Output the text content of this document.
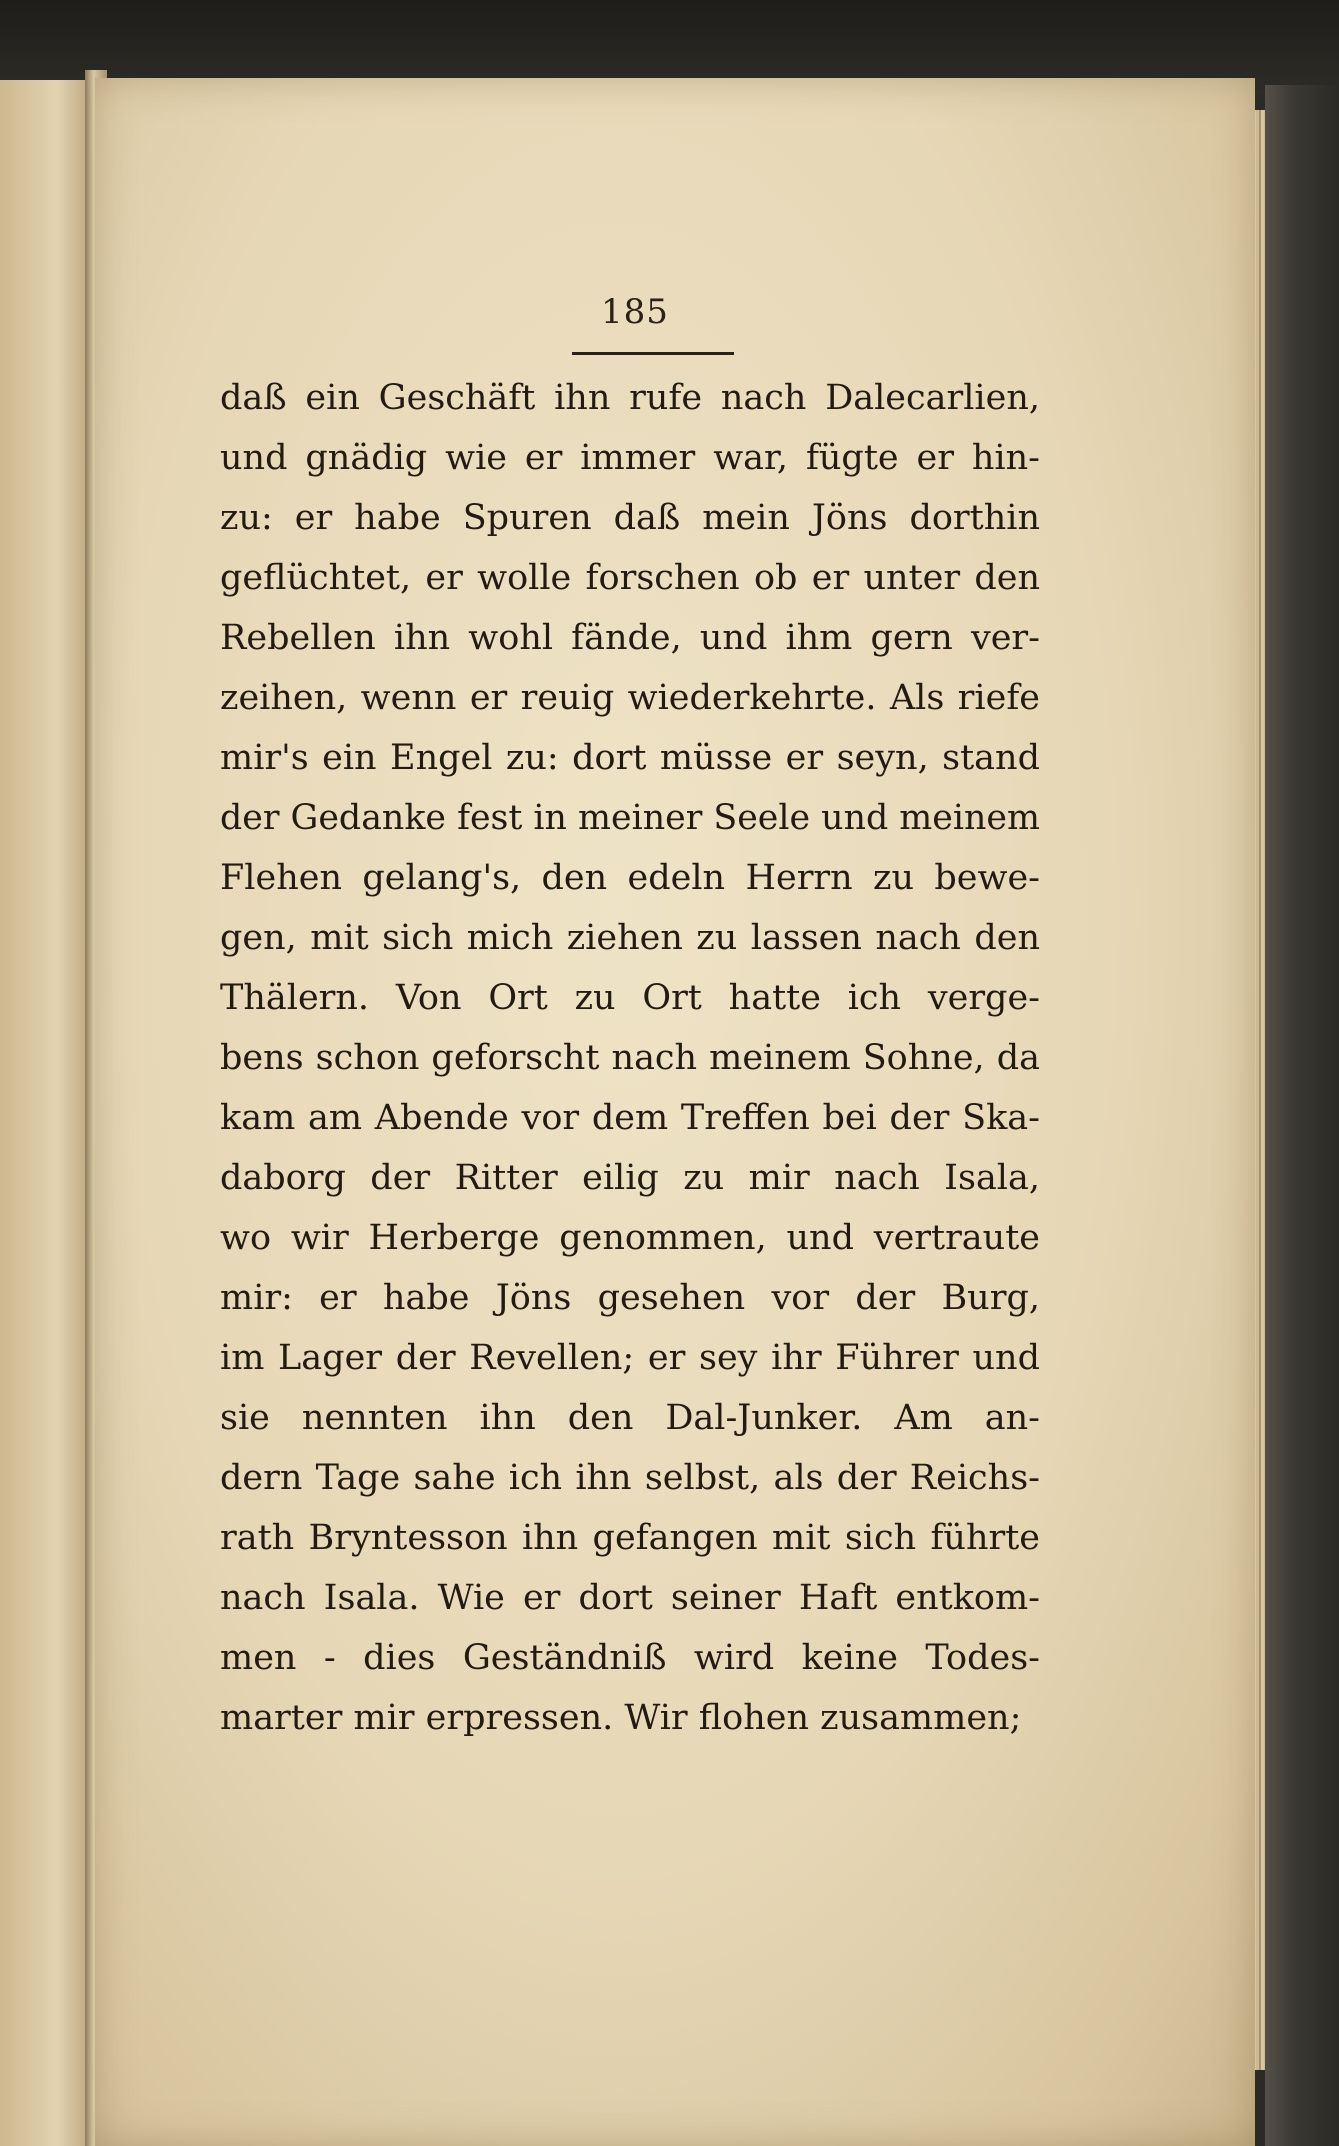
185
daß ein Geschäft ihn rufe nach Dalecarlien,
und gnädig wie er immer war, fügte er hin-
zu: er habe Spuren daß mein Jöns dorthin
geflüchtet, er wolle forschen ob er unter den
Rebellen ihn wohl fände, und ihm gern ver-
zeihen, wenn er reuig wiederkehrte. Als riefe
mir's ein Engel zu: dort müsse er seyn, stand
der Gedanke fest in meiner Seele und meinem
Flehen gelang's, den edeln Herrn zu bewe-
gen, mit sich mich ziehen zu lassen nach den
Thälern. Von Ort zu Ort hatte ich verge-
bens schon geforscht nach meinem Sohne, da
kam am Abende vor dem Treffen bei der Ska-
daborg der Ritter eilig zu mir nach Isala,
wo wir Herberge genommen, und vertraute
mir: er habe Jöns gesehen vor der Burg,
im Lager der Revellen; er sey ihr Führer und
sie nennten ihn den Dal-Junker. Am an-
dern Tage sahe ich ihn selbst, als der Reichs-
rath Bryntesson ihn gefangen mit sich führte
nach Isala. Wie er dort seiner Haft entkom-
men - dies Geständniß wird keine Todes-
marter mir erpressen. Wir flohen zusammen;
